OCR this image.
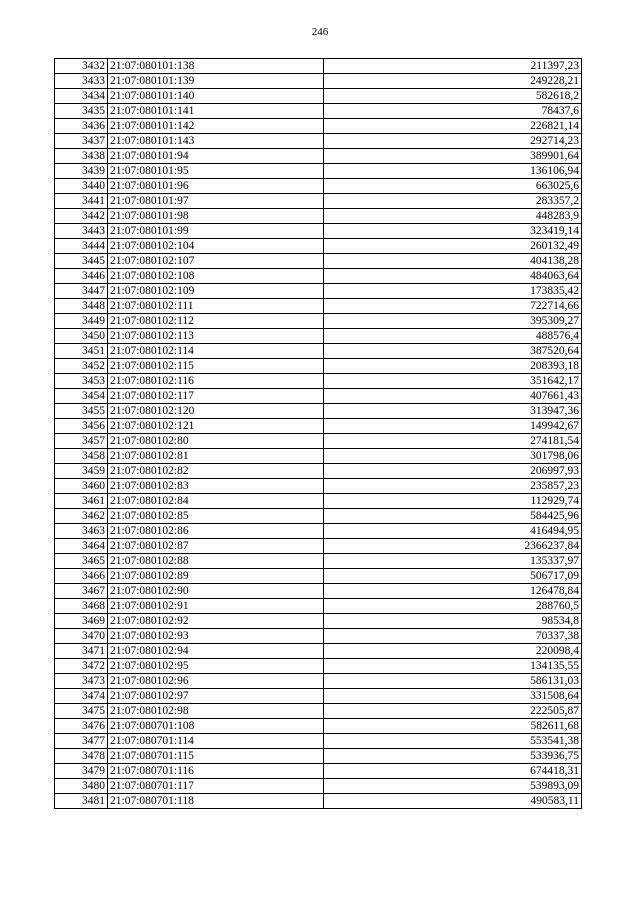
246
3432	21:07:080101:138	211397,23
3433	21:07:080101:139	249228,21
3434	21:07:080101:140	582618,2
3435	21:07:080101:141	78437,6
3436	21:07:080101:142	226821,14
3437	21:07:080101:143	292714,23
3438	21:07:080101:94	389901,64
3439	21:07:080101:95	136106,94
3440	21:07:080101:96	663025,6
3441	21:07:080101:97	283357,2
3442	21:07:080101:98	448283,9
3443	21:07:080101:99	323419,14
3444	21:07:080102:104	260132,49
3445	21:07:080102:107	404138,28
3446	21:07:080102:108	484063,64
3447	21:07:080102:109	173835,42
3448	21:07:080102:111	722714,66
3449	21:07:080102:112	395309,27
3450	21:07:080102:113	488576,4
3451	21:07:080102:114	387520,64
3452	21:07:080102:115	208393,18
3453	21:07:080102:116	351642,17
3454	21:07:080102:117	407661,43
3455	21:07:080102:120	313947,36
3456	21:07:080102:121	149942,67
3457	21:07:080102:80	274181,54
3458	21:07:080102:81	301798,06
3459	21:07:080102:82	206997,93
3460	21:07:080102:83	235857,23
3461	21:07:080102:84	112929,74
3462	21:07:080102:85	584425,96
3463	21:07:080102:86	416494,95
3464	21:07:080102:87	2366237,84
3465	21:07:080102:88	135337,97
3466	21:07:080102:89	506717,09
3467	21:07:080102:90	126478,84
3468	21:07:080102:91	288760,5
3469	21:07:080102:92	98534,8
3470	21:07:080102:93	70337,38
3471	21:07:080102:94	220098,4
3472	21:07:080102:95	134135,55
3473	21:07:080102:96	586131,03
3474	21:07:080102:97	331508,64
3475	21:07:080102:98	222505,87
3476	21:07:080701:108	582611,68
3477	21:07:080701:114	553541,38
3478	21:07:080701:115	533936,75
3479	21:07:080701:116	674418,31
3480	21:07:080701:117	539893,09
3481	21:07:080701:118	490583,11
